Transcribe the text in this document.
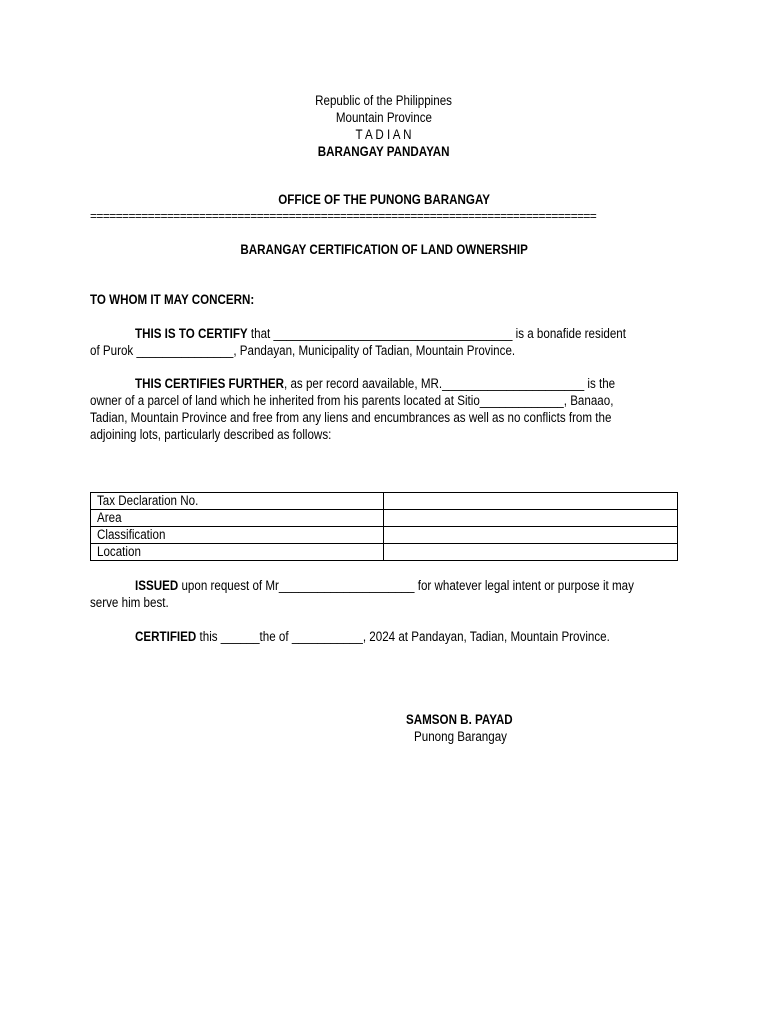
Republic of the Philippines
Mountain Province
T A D I A N
BARANGAY PANDAYAN
OFFICE OF THE PUNONG BARANGAY
===============================================================================
BARANGAY CERTIFICATION OF LAND OWNERSHIP
TO WHOM IT MAY CONCERN:
THIS IS TO CERTIFY that _____________________________________ is a bonafide resident
of Purok _______________, Pandayan, Municipality of Tadian, Mountain Province.
THIS CERTIFIES FURTHER, as per record aavailable, MR.______________________ is the
owner of a parcel of land which he inherited from his parents located at Sitio_____________, Banaao,
Tadian, Mountain Province and free from any liens and encumbrances as well as no conflicts from the
adjoining lots, particularly described as follows:
Tax Declaration No.	
Area	
Classification	
Location	
ISSUED upon request of Mr_____________________ for whatever legal intent or purpose it may
serve him best.
CERTIFIED this ______the of ___________, 2024 at Pandayan, Tadian, Mountain Province.
SAMSON B. PAYAD
Punong Barangay
